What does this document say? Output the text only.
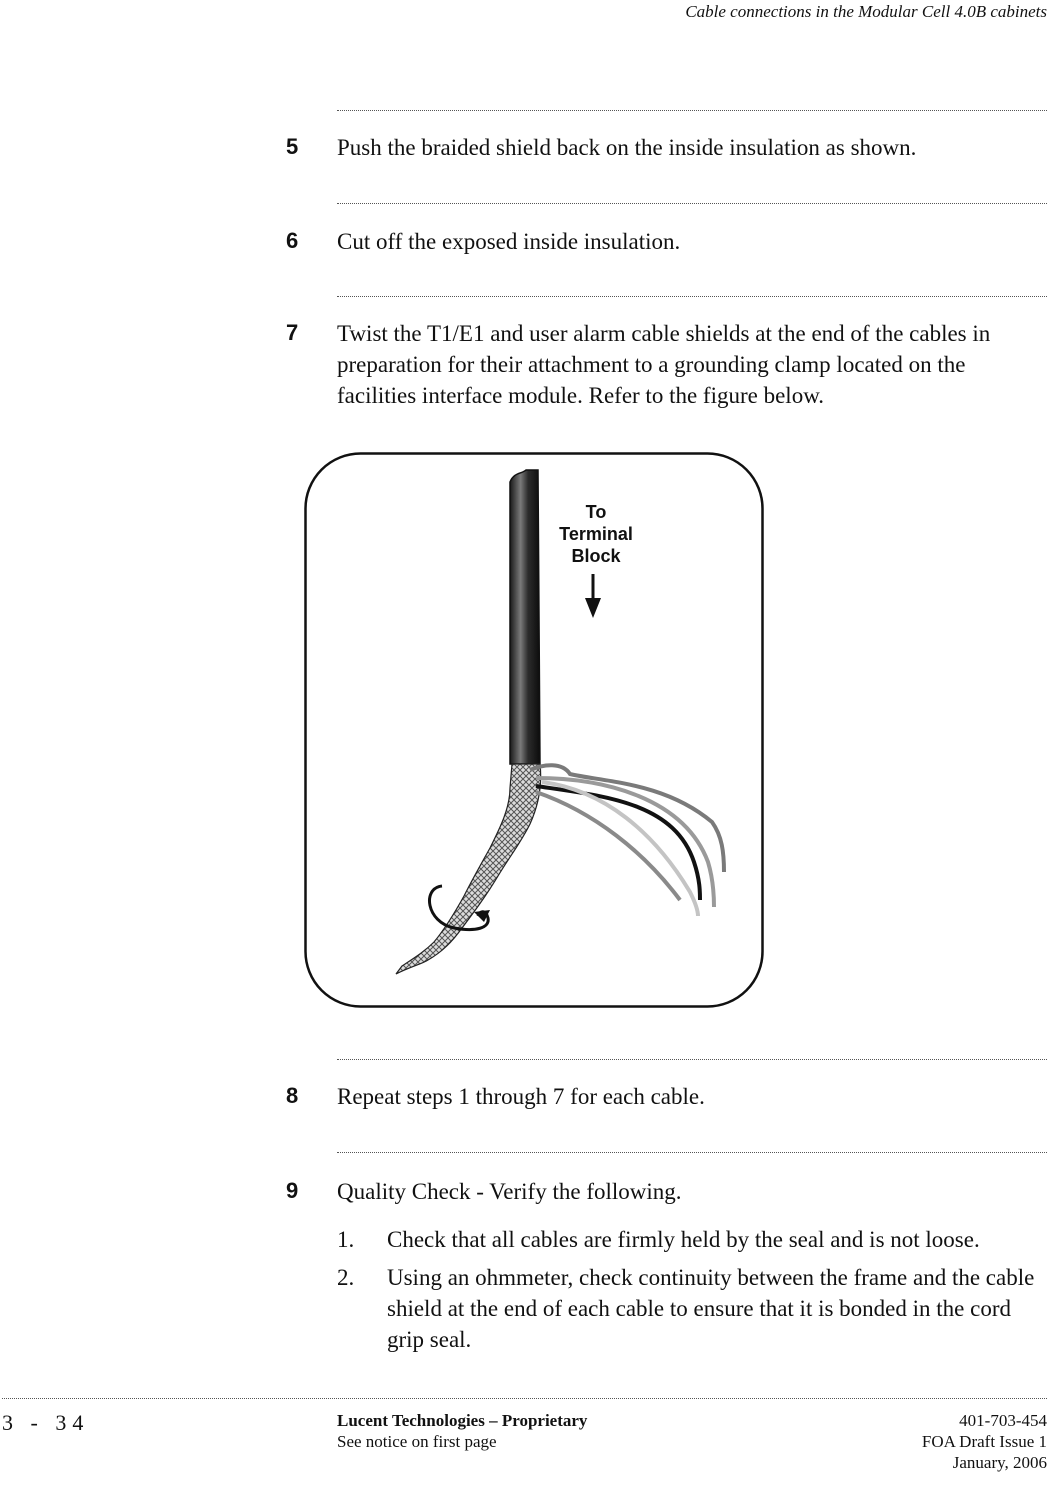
Cable connections in the Modular Cell 4.0B cabinets
5	Push the braided shield back on the inside insulation as shown.
6	Cut off the exposed inside insulation.
7	Twist the T1/E1 and user alarm cable shields at the end of the cables in preparation for their attachment to a grounding clamp located on the facilities interface module. Refer to the figure below.
To
Terminal
Block
8	Repeat steps 1 through 7 for each cable.
9	Quality Check - Verify the following.
1. Check that all cables are firmly held by the seal and is not loose.
2. Using an ohmmeter, check continuity between the frame and the cable shield at the end of each cable to ensure that it is bonded in the cord grip seal.
3 - 34	Lucent Technologies – Proprietary
See notice on first page
401-703-454
FOA Draft Issue 1
January, 2006
